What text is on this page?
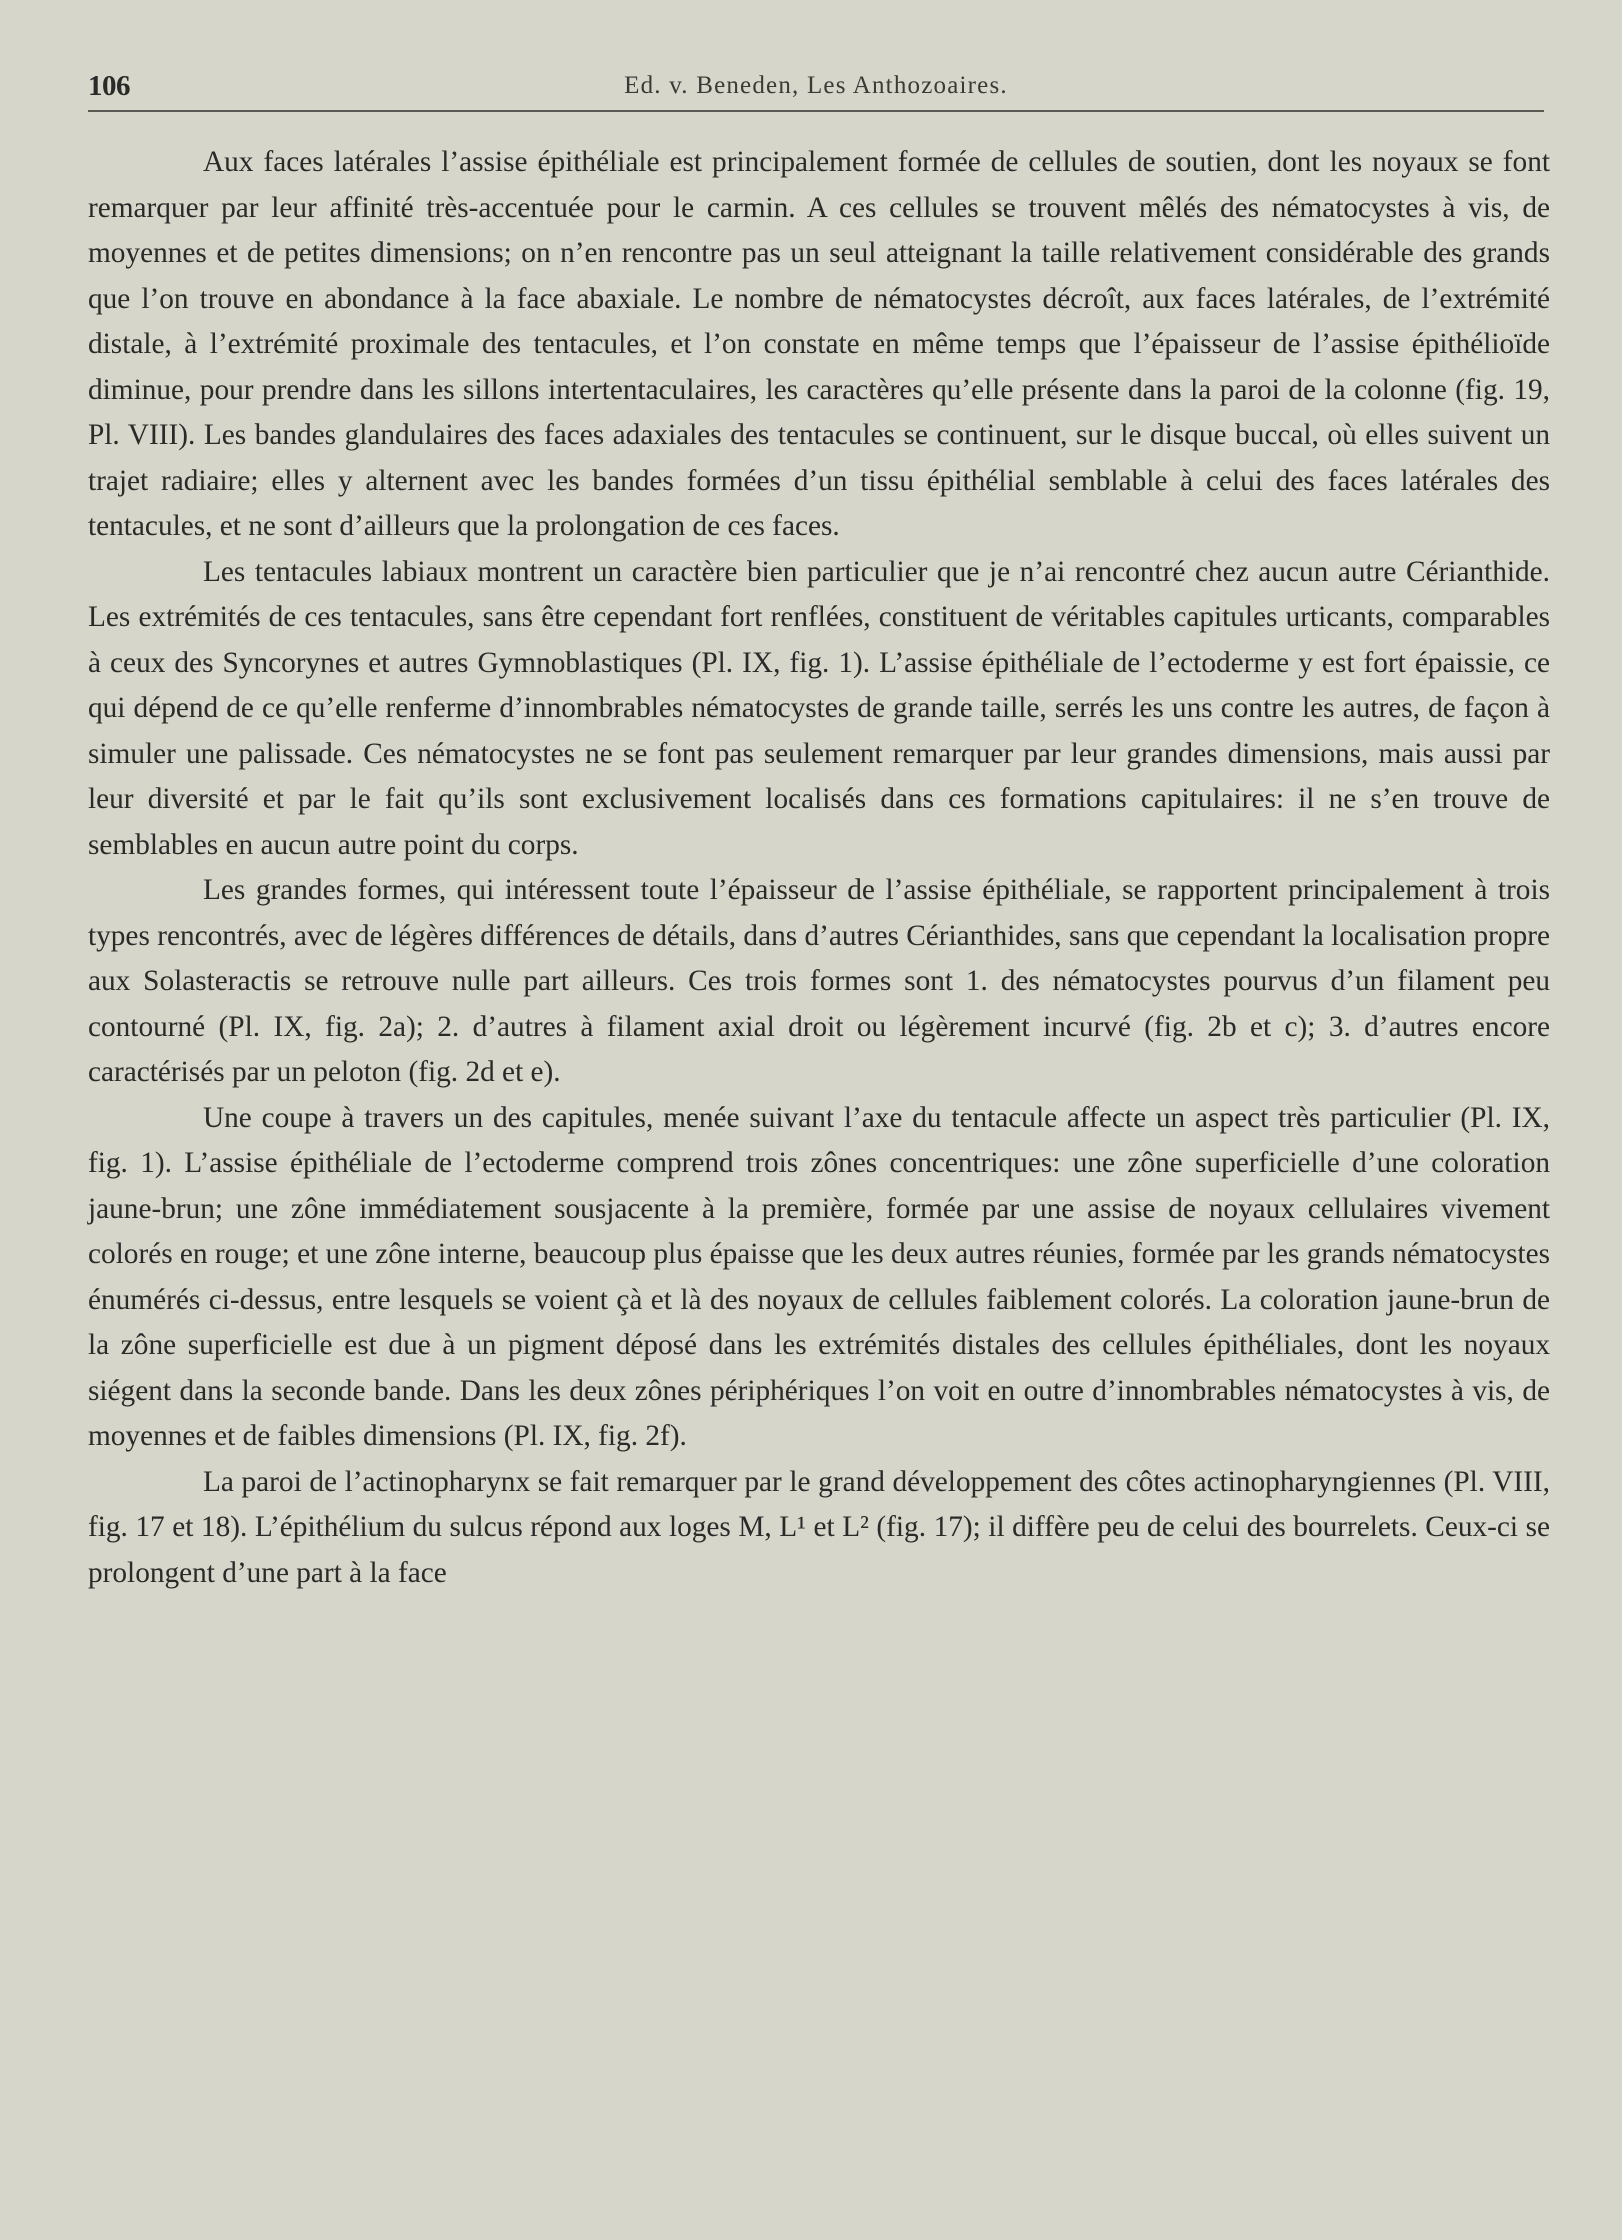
106	Ed. v. Beneden, Les Anthozoaires.

Aux faces latérales l’assise épithéliale est principalement formée de cellules de soutien, dont les noyaux se font remarquer par leur affinité très-accentuée pour le carmin. A ces cellules se trouvent mêlés des nématocystes à vis, de moyennes et de petites dimensions; on n’en rencontre pas un seul atteignant la taille relativement considérable des grands que l’on trouve en abondance à la face abaxiale. Le nombre de nématocystes décroît, aux faces latérales, de l’extrémité distale, à l’extrémité proximale des tentacules, et l’on constate en même temps que l’épaisseur de l’assise épithélioïde diminue, pour prendre dans les sillons intertentaculaires, les caractères qu’elle présente dans la paroi de la colonne (fig. 19, Pl. VIII). Les bandes glandulaires des faces adaxiales des tentacules se continuent, sur le disque buccal, où elles suivent un trajet radiaire; elles y alternent avec les bandes formées d’un tissu épithélial semblable à celui des faces latérales des tentacules, et ne sont d’ailleurs que la prolongation de ces faces.

Les tentacules labiaux montrent un caractère bien particulier que je n’ai rencontré chez aucun autre Cérianthide. Les extrémités de ces tentacules, sans être cependant fort renflées, constituent de véritables capitules urticants, comparables à ceux des Syncorynes et autres Gymnoblastiques (Pl. IX, fig. 1). L’assise épithéliale de l’ectoderme y est fort épaissie, ce qui dépend de ce qu’elle renferme d’innombrables nématocystes de grande taille, serrés les uns contre les autres, de façon à simuler une palissade. Ces nématocystes ne se font pas seulement remarquer par leur grandes dimensions, mais aussi par leur diversité et par le fait qu’ils sont exclusivement localisés dans ces formations capitulaires: il ne s’en trouve de semblables en aucun autre point du corps.

Les grandes formes, qui intéressent toute l’épaisseur de l’assise épithéliale, se rapportent principalement à trois types rencontrés, avec de légères différences de détails, dans d’autres Cérianthides, sans que cependant la localisation propre aux Solasteractis se retrouve nulle part ailleurs. Ces trois formes sont 1. des nématocystes pourvus d’un filament peu contourné (Pl. IX, fig. 2a); 2. d’autres à filament axial droit ou légèrement incurvé (fig. 2b et c); 3. d’autres encore caractérisés par un peloton (fig. 2d et e).

Une coupe à travers un des capitules, menée suivant l’axe du tentacule affecte un aspect très particulier (Pl. IX, fig. 1). L’assise épithéliale de l’ectoderme comprend trois zônes concentriques: une zône superficielle d’une coloration jaune-brun; une zône immédiatement sousjacente à la première, formée par une assise de noyaux cellulaires vivement colorés en rouge; et une zône interne, beaucoup plus épaisse que les deux autres réunies, formée par les grands nématocystes énumérés ci-dessus, entre lesquels se voient çà et là des noyaux de cellules faiblement colorés. La coloration jaune-brun de la zône superficielle est due à un pigment déposé dans les extrémités distales des cellules épithéliales, dont les noyaux siégent dans la seconde bande. Dans les deux zônes périphériques l’on voit en outre d’innombrables nématocystes à vis, de moyennes et de faibles dimensions (Pl. IX, fig. 2f).

La paroi de l’actinopharynx se fait remarquer par le grand développement des côtes actinopharyngiennes (Pl. VIII, fig. 17 et 18). L’épithélium du sulcus répond aux loges M, L¹ et L² (fig. 17); il diffère peu de celui des bourrelets. Ceux-ci se prolongent d’une part à la face
